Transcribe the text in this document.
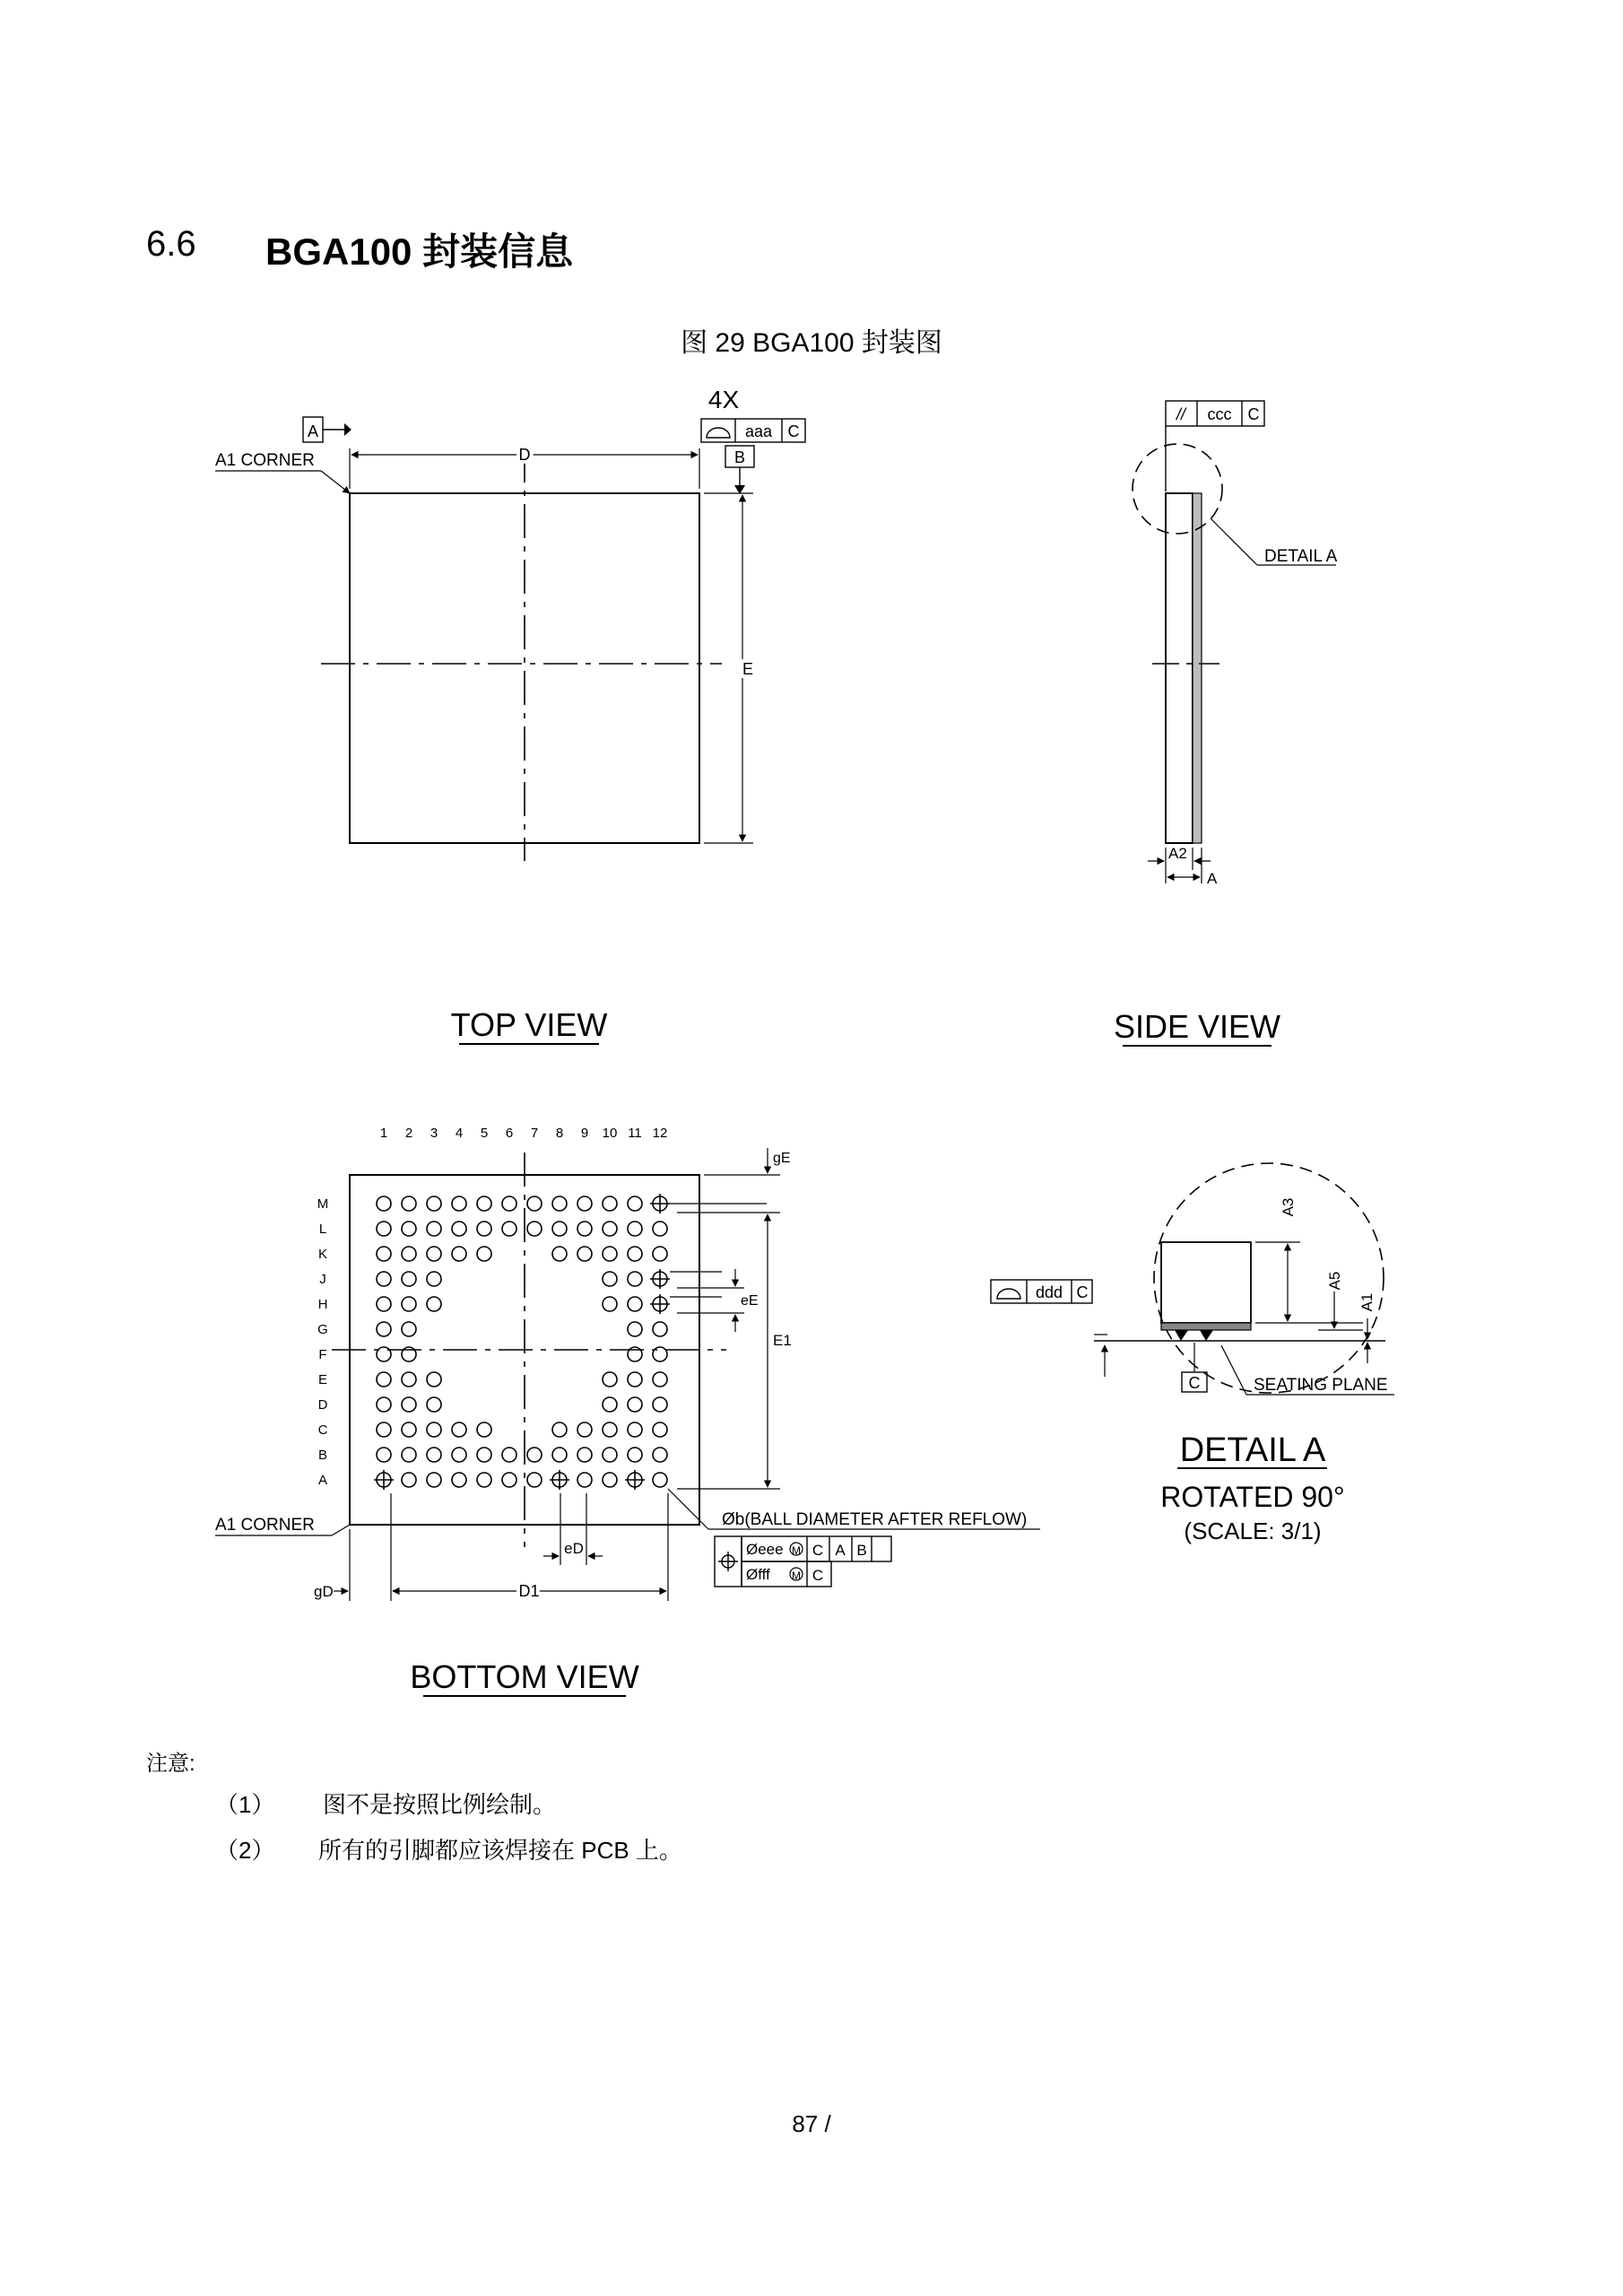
6.6 BGA100 封装信息
图 29 BGA100 封装图
A
A1 CORNER	D
E
4X
aaa C
B
TOP VIEW
// ccc C
DETAIL A
A2
A
SIDE VIEW
1 2 3 4 5 6 7 8 9 10 11 12
M
L
K
J
H
G
F
E
D
C
B
A
A1 CORNER
gE
eE
E1
eD
gD	D1
Øb(BALL DIAMETER AFTER REFLOW)
Øeee M C A B
Øfff M C
BOTTOM VIEW
ddd C
C	SEATING PLANE
A3
A5
A1
DETAIL A
ROTATED 90°
(SCALE: 3/1)
注意:
（1） 图不是按照比例绘制。
（2） 所有的引脚都应该焊接在 PCB 上。
87 /
